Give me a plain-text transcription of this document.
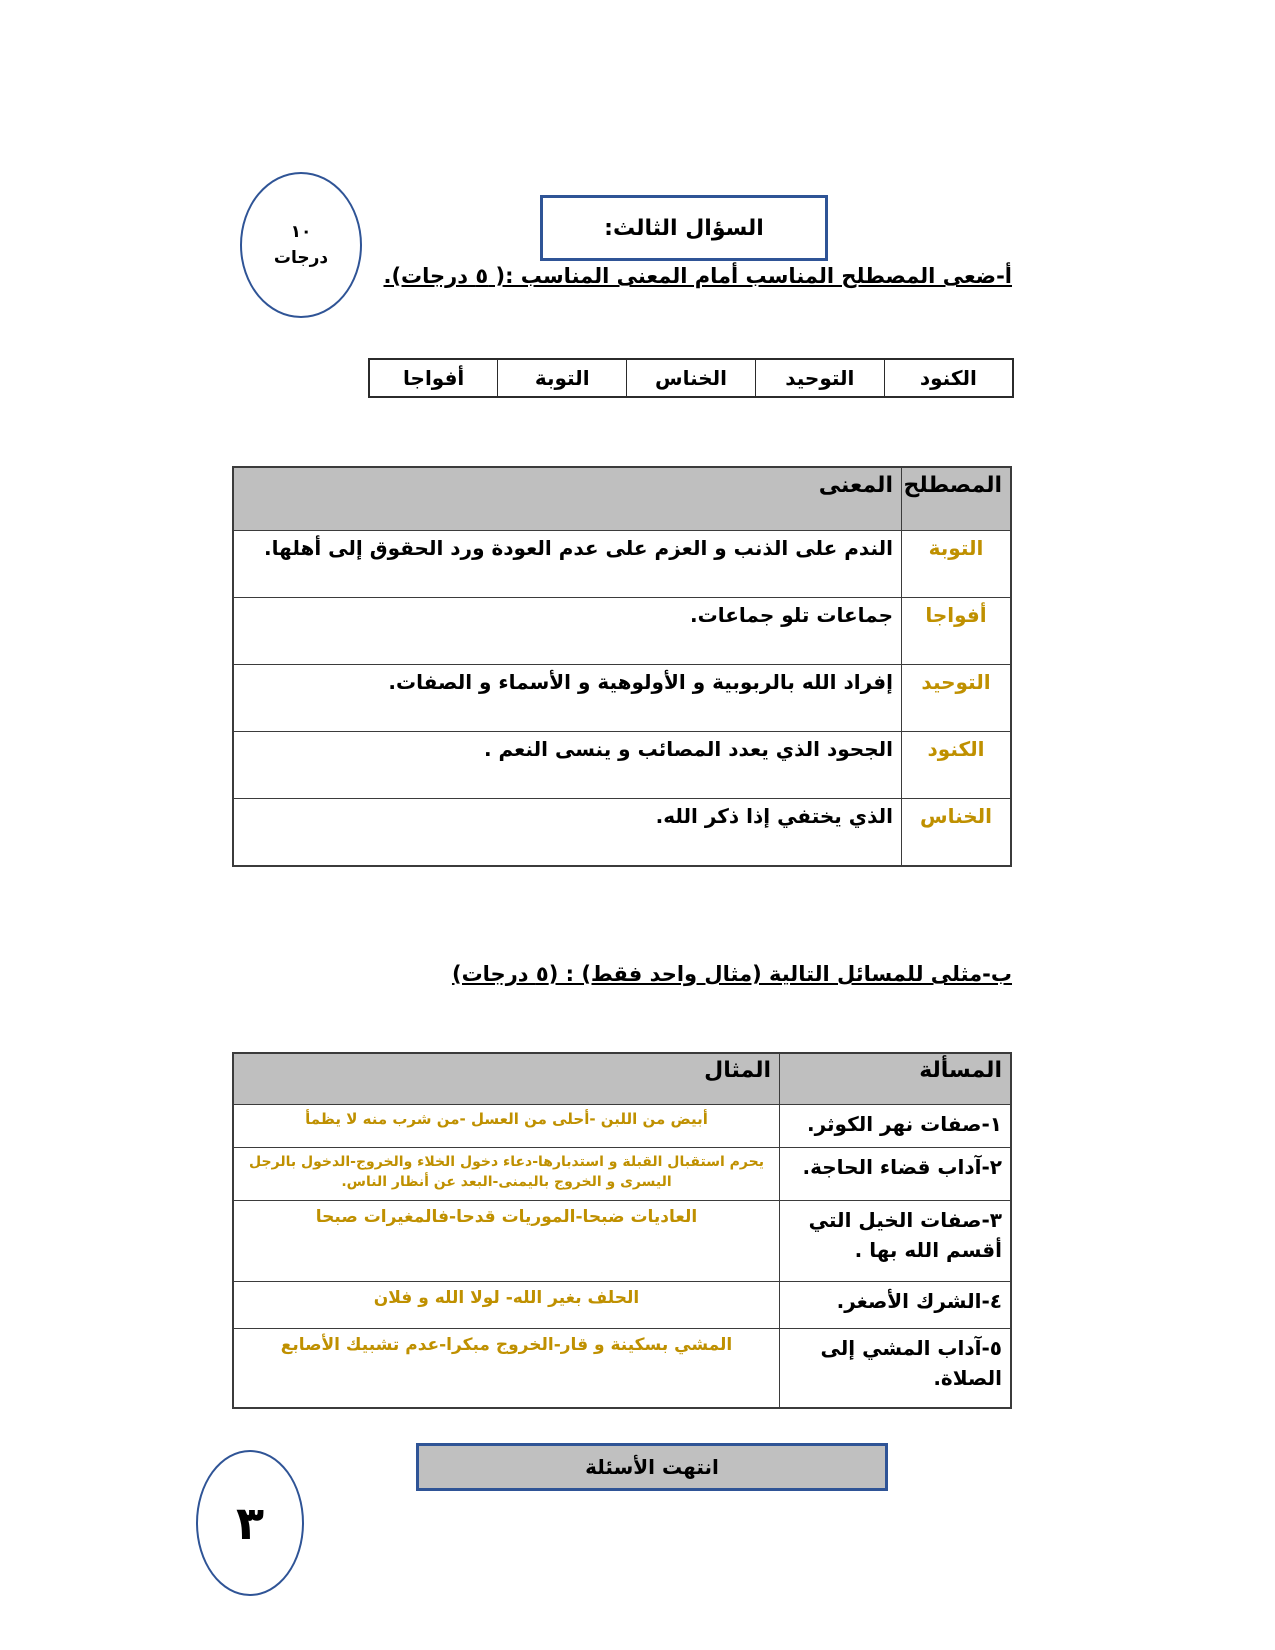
١٠
درجات
السؤال الثالث:
أ-ضعى المصطلح المناسب أمام المعنى المناسب :( ٥ درجات).
الكنود	التوحيد	الخناس	التوبة	أفواجا
المصطلح	المعنى
التوبة	الندم على الذنب و العزم على عدم العودة ورد الحقوق إلى أهلها.
أفواجا	جماعات تلو جماعات.
التوحيد	إفراد الله بالربوبية و الأولوهية و الأسماء و الصفات.
الكنود	الجحود الذي يعدد المصائب و ينسى النعم .
الخناس	الذي يختفي إذا ذكر الله.
ب-مثلى للمسائل التالية (مثال واحد فقط) : (٥ درجات)
المسألة	المثال
١-صفات نهر الكوثر.	أبيض من اللبن -أحلى من العسل -من شرب منه لا يظمأ
٢-آداب قضاء الحاجة.	يحرم استقبال القبلة و استدبارها-دعاء دخول الخلاء والخروج-الدخول بالرجل اليسرى و الخروج باليمنى-البعد عن أنظار الناس.
٣-صفات الخيل التي أقسم الله بها .	العاديات ضبحا-الموريات قدحا-فالمغيرات صبحا
٤-الشرك الأصغر.	الحلف بغير الله- لولا الله و فلان
٥-آداب المشي إلى الصلاة.	المشي بسكينة و قار-الخروج مبكرا-عدم تشبيك الأصابع
انتهت الأسئلة
٣
